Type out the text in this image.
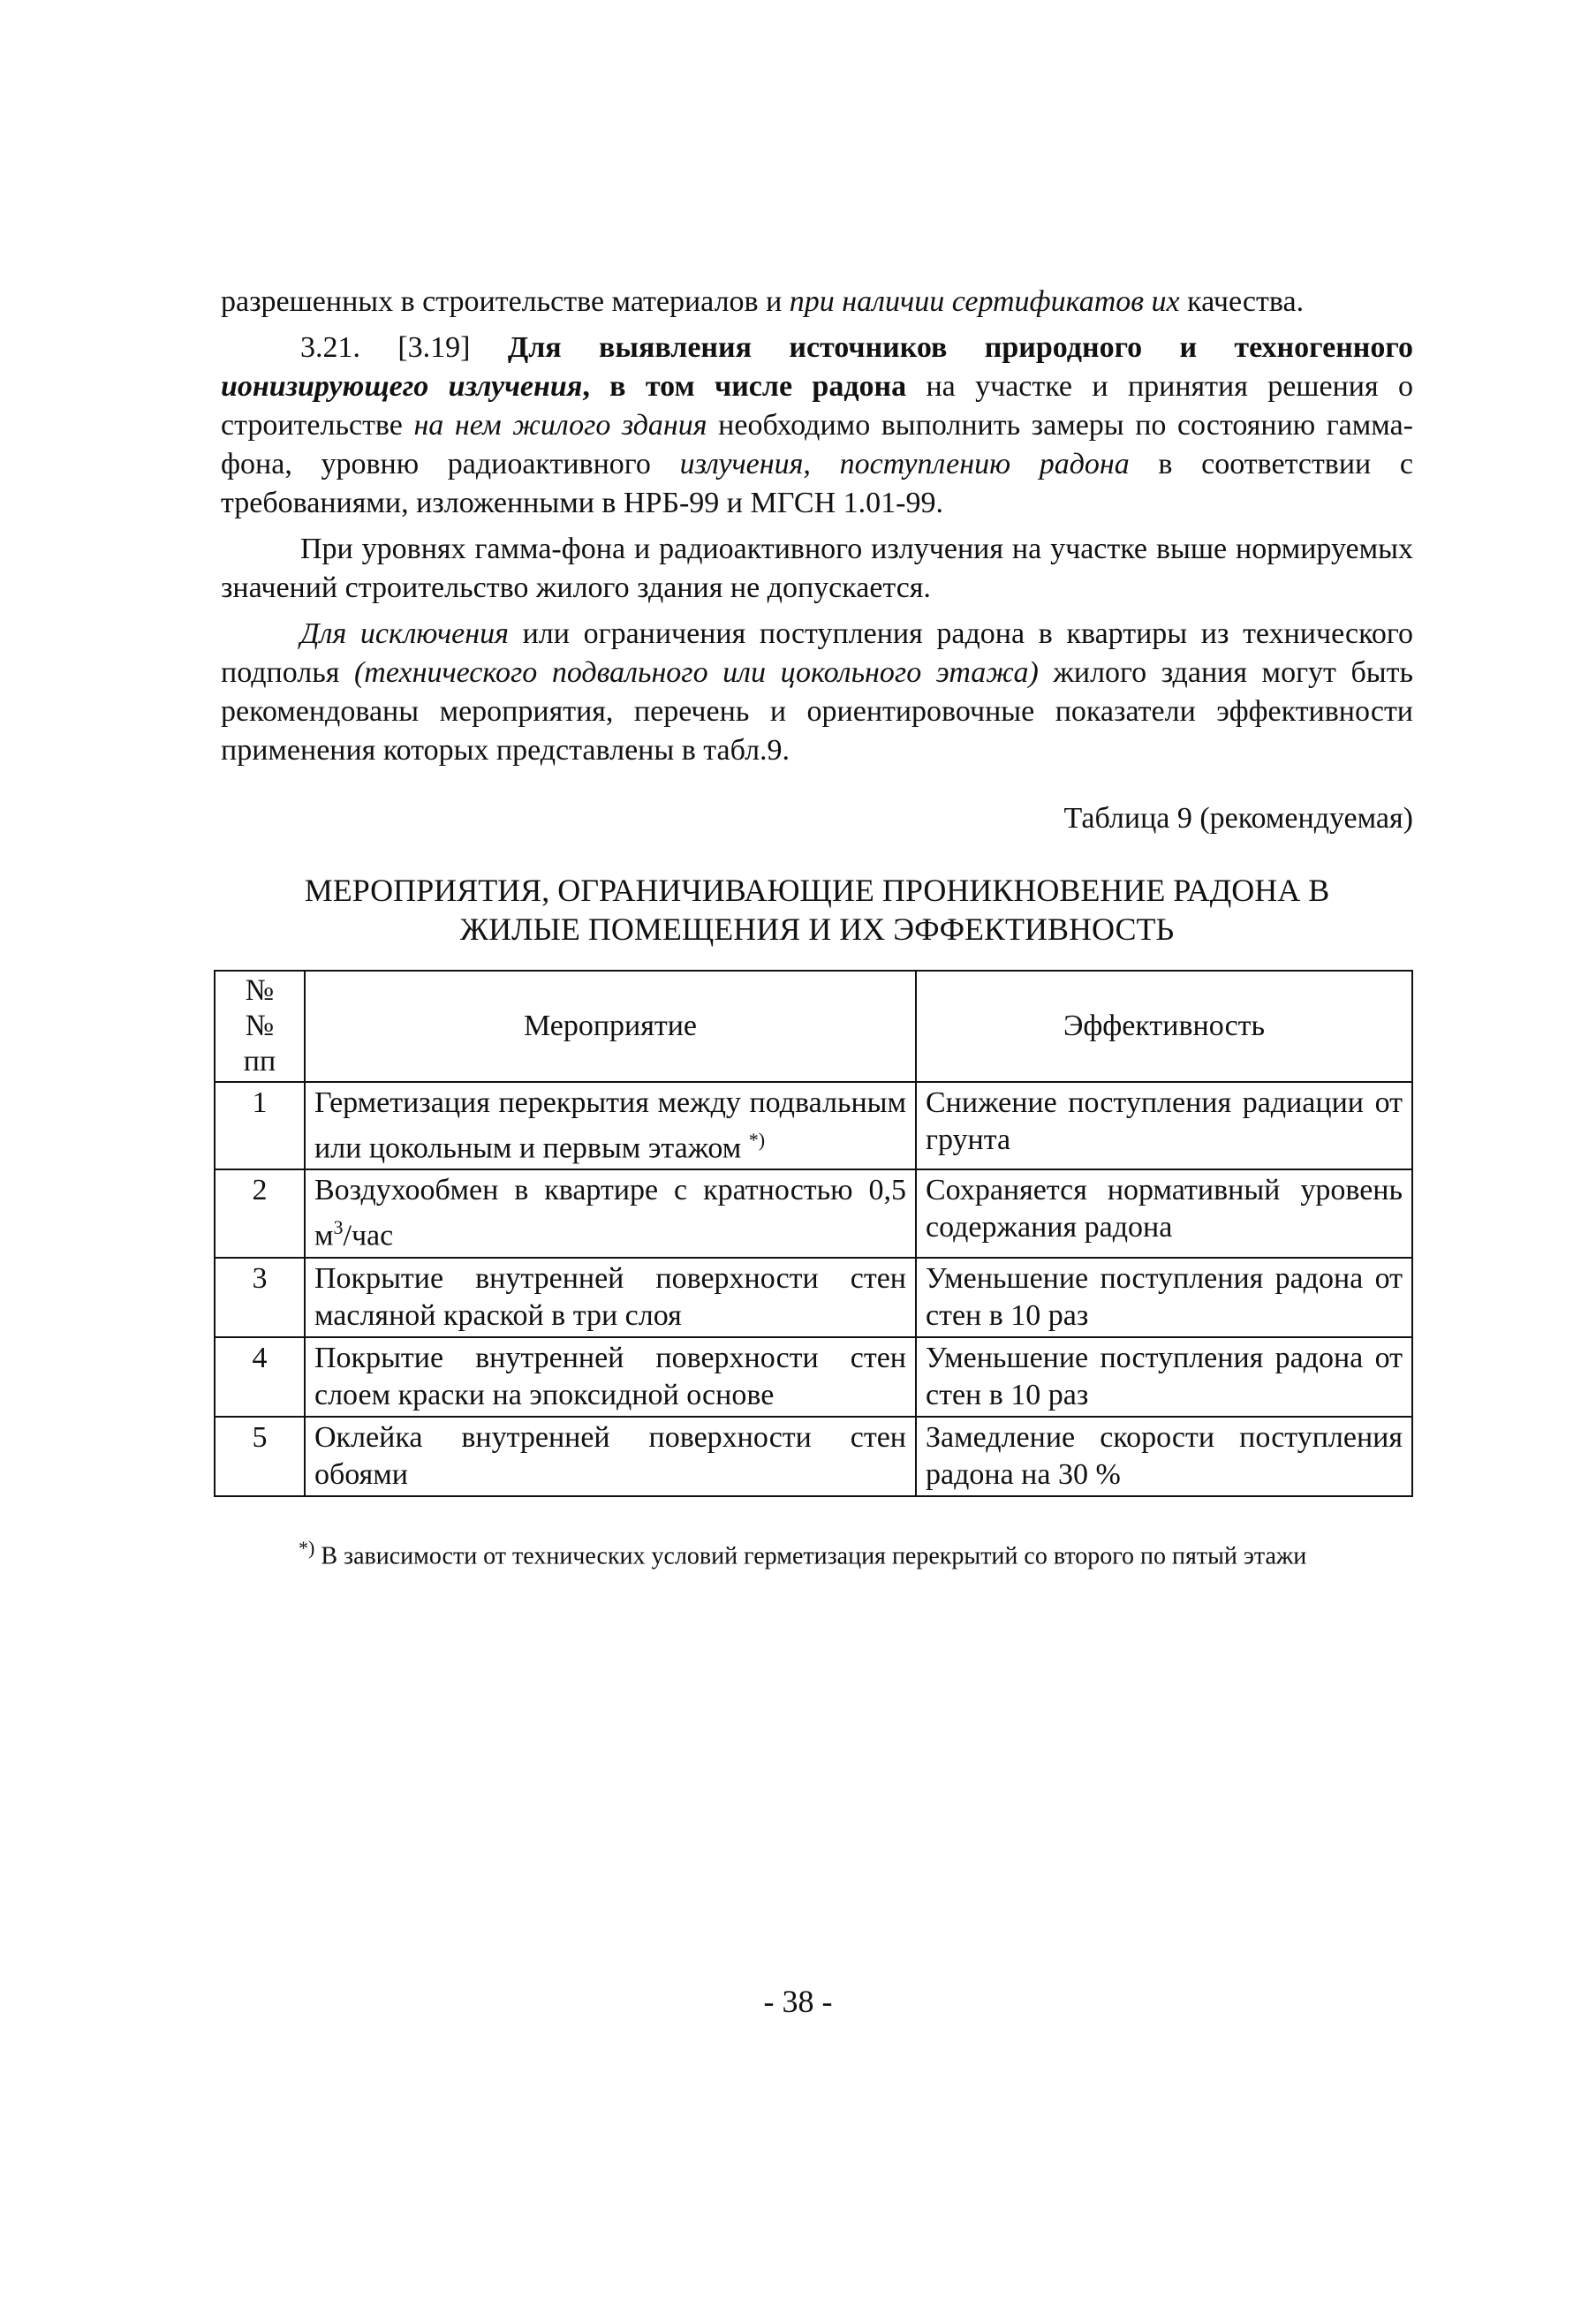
разрешенных в строительстве материалов и при наличии сертификатов их качества.

3.21. [3.19] Для выявления источников природного и техногенного ионизирующего излучения, в том числе радона на участке и принятия решения о строительстве на нем жилого здания необходимо выполнить замеры по состоянию гамма-фона, уровню радиоактивного излучения, поступлению радона в соответствии с требованиями, изложенными в НРБ-99 и МГСН 1.01-99.

При уровнях гамма-фона и радиоактивного излучения на участке выше нормируемых значений строительство жилого здания не допускается.

Для исключения или ограничения поступления радона в квартиры из технического подполья (технического подвального или цокольного этажа) жилого здания могут быть рекомендованы мероприятия, перечень и ориентировочные показатели эффективности применения которых представлены в табл.9.

Таблица 9 (рекомендуемая)

МЕРОПРИЯТИЯ, ОГРАНИЧИВАЮЩИЕ ПРОНИКНОВЕНИЕ РАДОНА В
ЖИЛЫЕ ПОМЕЩЕНИЯ И ИХ ЭФФЕКТИВНОСТЬ
№
№
пп	Мероприятие	Эффективность
1	Герметизация перекрытия между подвальным или цокольным и первым этажом *)	Снижение поступления радиации от грунта
2	Воздухообмен в квартире с кратностью 0,5 $м^3$/час	Сохраняется нормативный уровень содержания радона
3	Покрытие внутренней поверхности стен масляной краской в три слоя	Уменьшение поступления радона от стен в 10 раз
4	Покрытие внутренней поверхности стен слоем краски на эпоксидной основе	Уменьшение поступления радона от стен в 10 раз
5	Оклейка внутренней поверхности стен обоями	Замедление скорости поступления радона на 30 %

*) В зависимости от технических условий герметизация перекрытий со второго по пятый этажи

- 38 -
